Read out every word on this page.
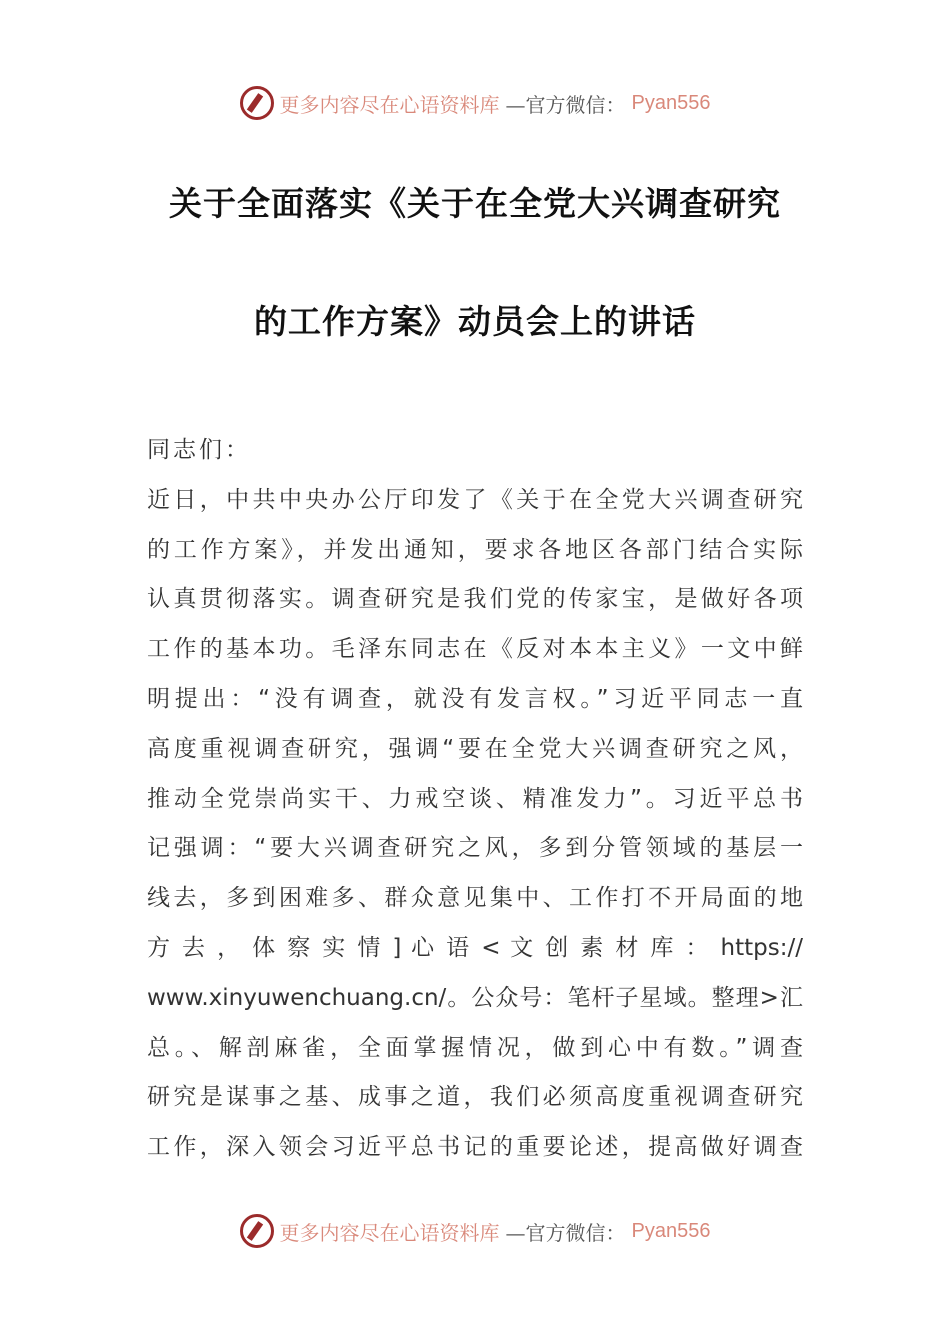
更多内容尽在心语资料库 —官方微信： Pyan556
关于全面落实《关于在全党大兴调查研究
的工作方案》动员会上的讲话
同志们：
近日，中共中央办公厅印发了《关于在全党大兴调查研究
的工作方案》，并发出通知，要求各地区各部门结合实际
认真贯彻落实。调查研究是我们党的传家宝，是做好各项
工作的基本功。毛泽东同志在《反对本本主义》一文中鲜
明提出：“没有调查，就没有发言权。”习近平同志一直
高度重视调查研究，强调“要在全党大兴调查研究之风，
推动全党崇尚实干、力戒空谈、精准发力”。习近平总书
记强调：“要大兴调查研究之风，多到分管领域的基层一
线去，多到困难多、群众意见集中、工作打不开局面的地
方 去 ， 体 察 实 情 ] 心 语 < 文 创 素 材 库 ： https://
www.xinyuwenchuang.cn/。公众号：笔杆子星域。整理>汇
总。、解剖麻雀，全面掌握情况，做到心中有数。”调查
研究是谋事之基、成事之道，我们必须高度重视调查研究
工作，深入领会习近平总书记的重要论述，提高做好调查
更多内容尽在心语资料库 —官方微信： Pyan556
